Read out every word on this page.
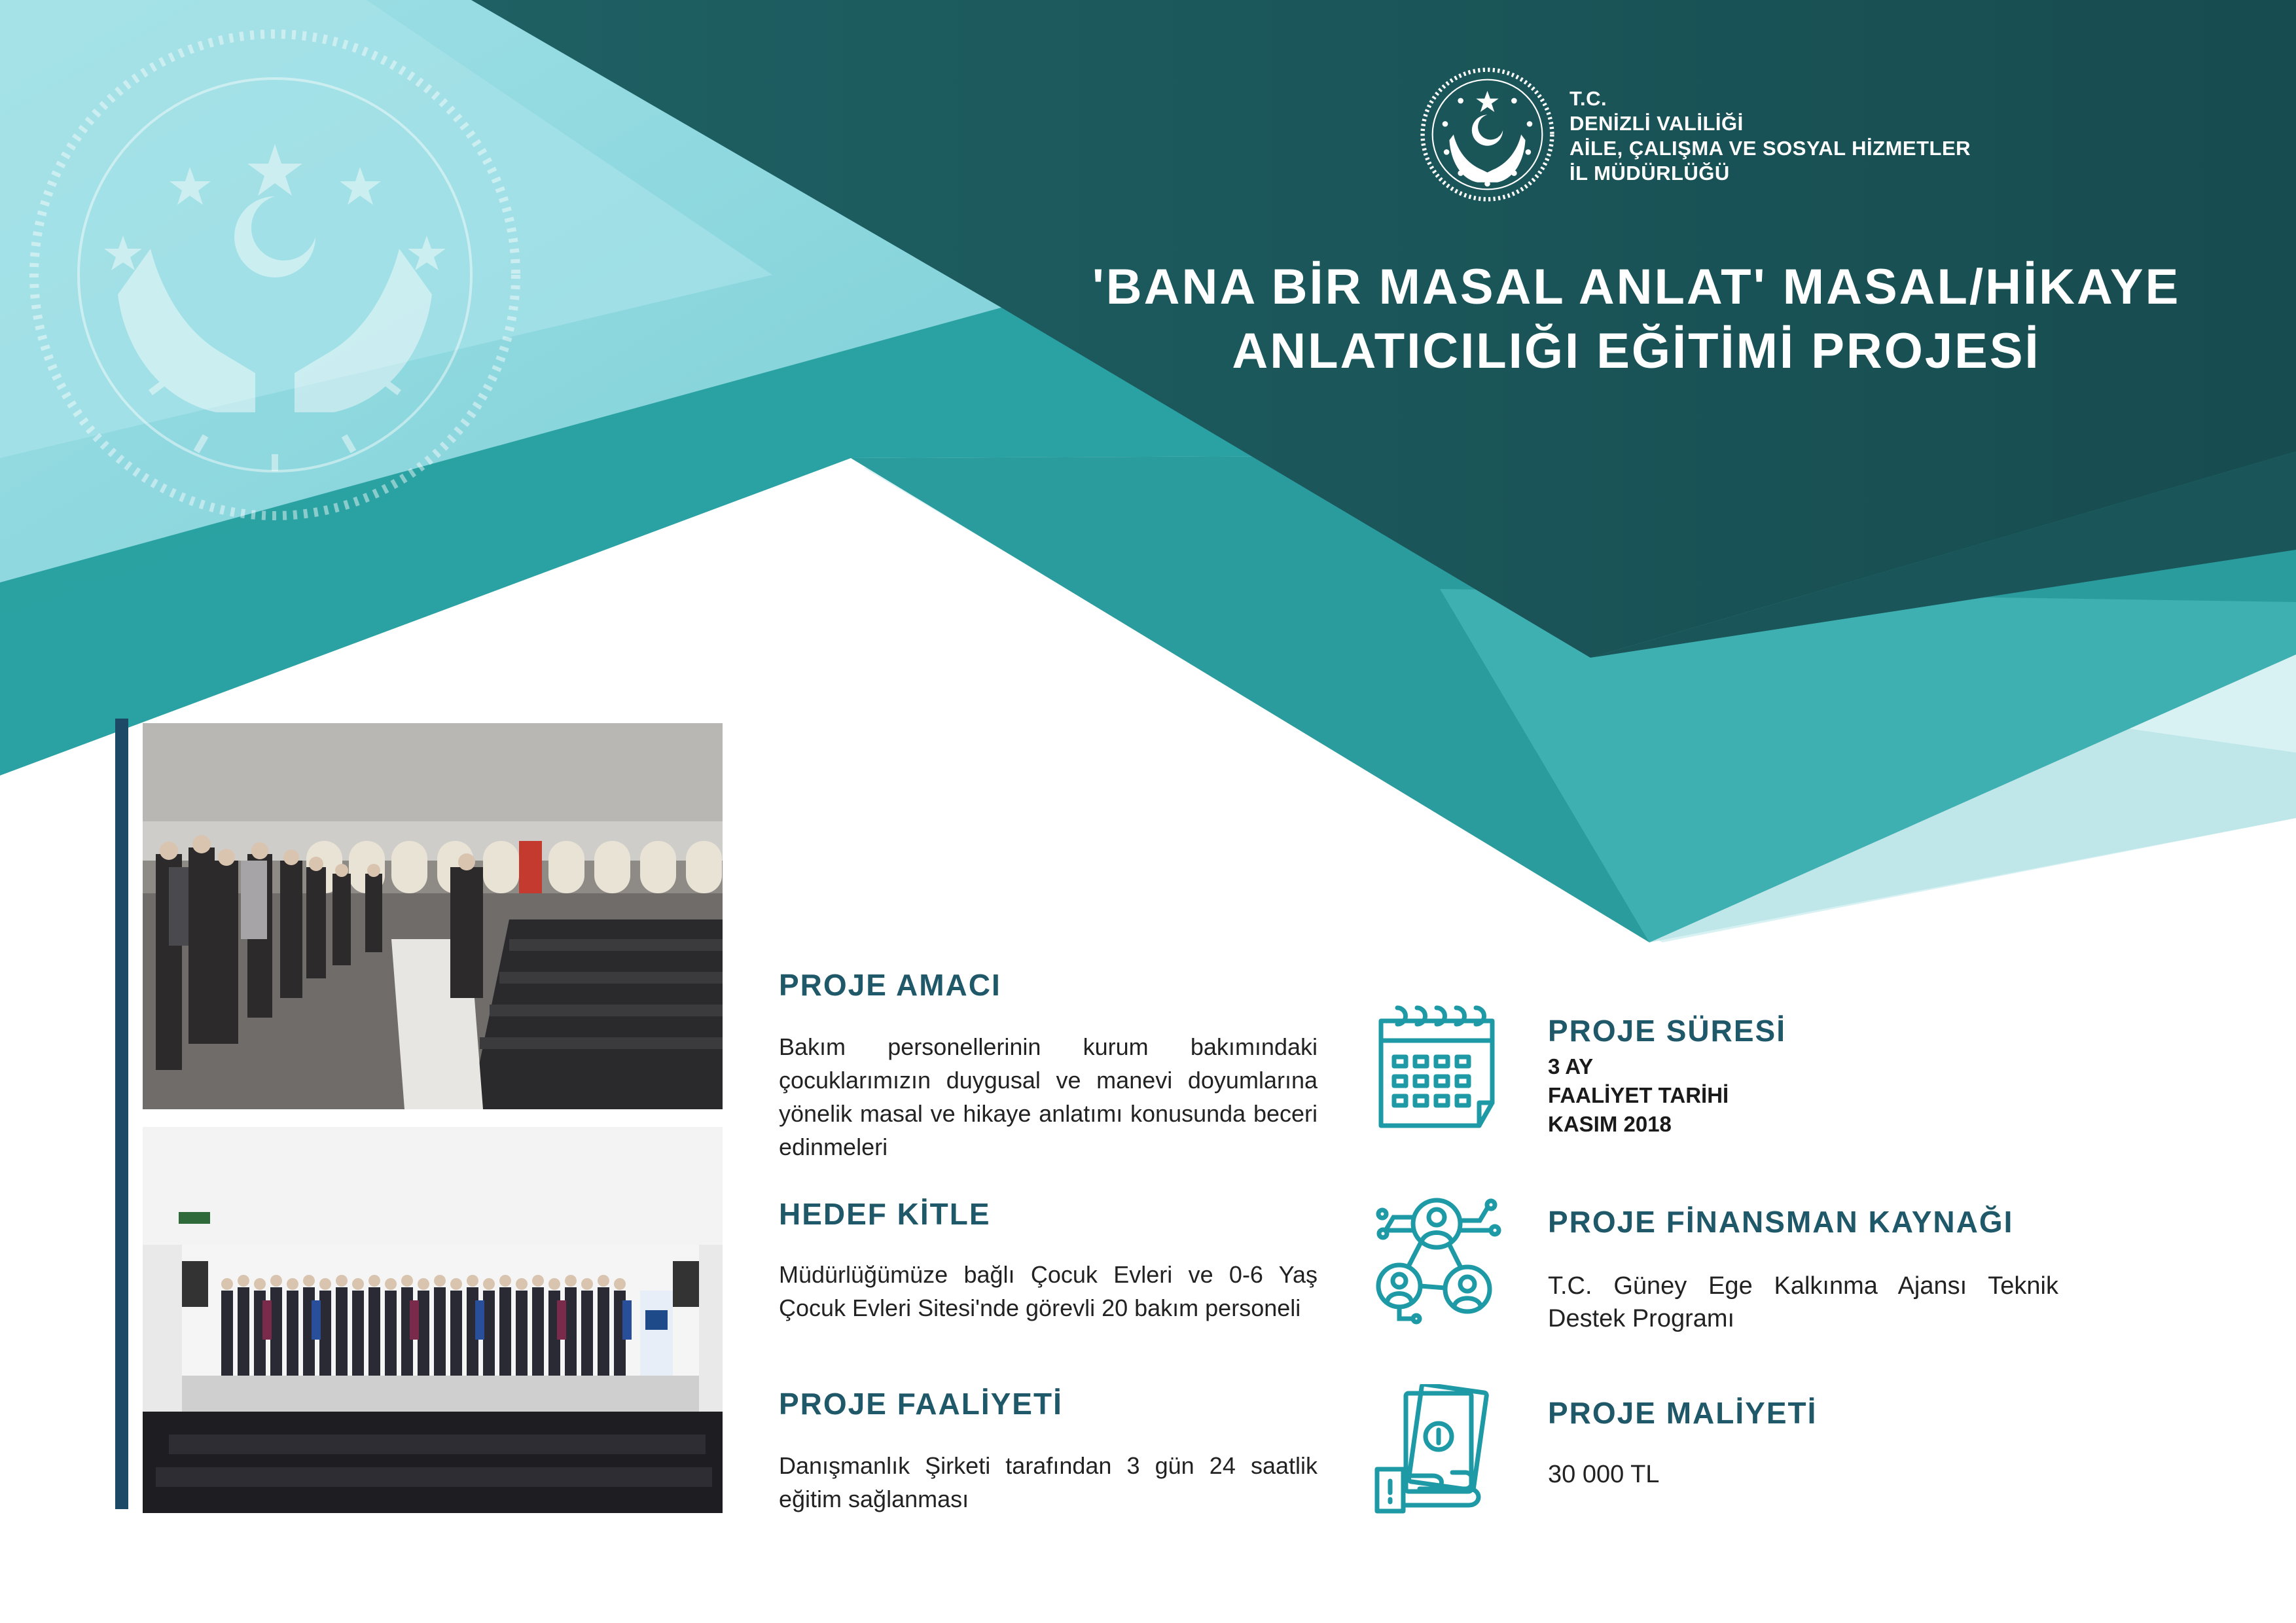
T.C.
DENİZLİ VALİLİĞİ
AİLE, ÇALIŞMA VE SOSYAL HİZMETLER
İL MÜDÜRLÜĞÜ
'BANA BİR MASAL ANLAT' MASAL/HİKAYE
ANLATICILIĞI EĞİTİMİ PROJESİ
PROJE AMACI
Bakım personellerinin kurum bakımındaki çocuklarımızın duygusal ve manevi doyumlarına yönelik masal ve hikaye anlatımı konusunda beceri edinmeleri
HEDEF KİTLE
Müdürlüğümüze bağlı Çocuk Evleri ve 0-6 Yaş Çocuk Evleri Sitesi'nde görevli 20 bakım personeli
PROJE FAALİYETİ
Danışmanlık Şirketi tarafından 3 gün 24 saatlik eğitim sağlanması
PROJE SÜRESİ
3 AY
FAALİYET TARİHİ
KASIM 2018
PROJE FİNANSMAN KAYNAĞI
T.C. Güney Ege Kalkınma Ajansı Teknik Destek Programı
PROJE MALİYETİ
30 000 TL
